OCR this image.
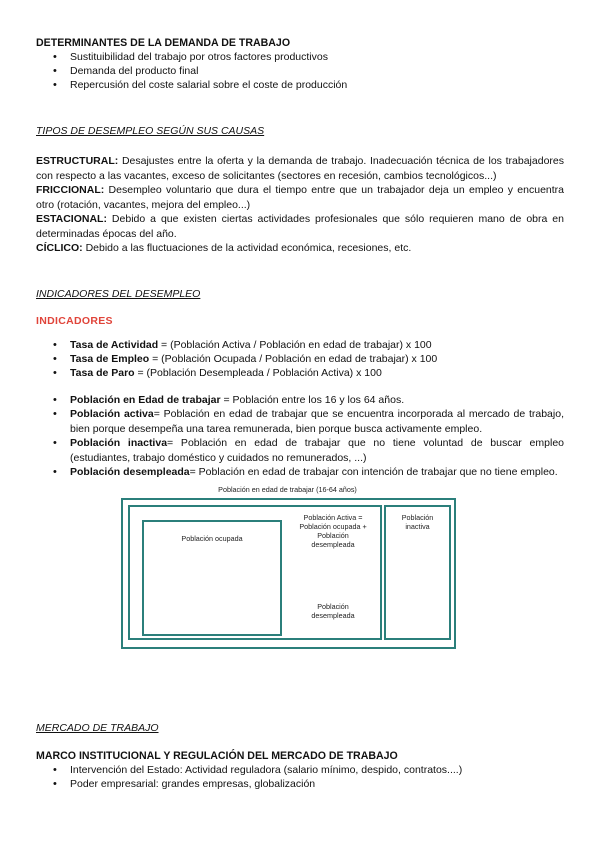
DETERMINANTES DE LA DEMANDA DE TRABAJO
• Sustituibilidad del trabajo por otros factores productivos
• Demanda del producto final
• Repercusión del coste salarial sobre el coste de producción

TIPOS DE DESEMPLEO SEGÚN SUS CAUSAS

ESTRUCTURAL: Desajustes entre la oferta y la demanda de trabajo. Inadecuación técnica de los trabajadores con respecto a las vacantes, exceso de solicitantes (sectores en recesión, cambios tecnológicos...)

FRICCIONAL: Desempleo voluntario que dura el tiempo entre que un trabajador deja un empleo y encuentra otro (rotación, vacantes, mejora del empleo...)

ESTACIONAL: Debido a que existen ciertas actividades profesionales que sólo requieren mano de obra en determinadas épocas del año.

CÍCLICO: Debido a las fluctuaciones de la actividad económica, recesiones, etc.

INDICADORES DEL DESEMPLEO

INDICADORES

• Tasa de Actividad = (Población Activa / Población en edad de trabajar) x 100
• Tasa de Empleo = (Población Ocupada / Población en edad de trabajar) x 100
• Tasa de Paro = (Población Desempleada / Población Activa) x 100
• Población en Edad de trabajar = Población entre los 16 y los 64 años.
• Población activa= Población en edad de trabajar que se encuentra incorporada al mercado de trabajo, bien porque desempeña una tarea remunerada, bien porque busca activamente empleo.
• Población inactiva= Población en edad de trabajar que no tiene voluntad de buscar empleo (estudiantes, trabajo doméstico y cuidados no remunerados, ...)
• Población desempleada= Población en edad de trabajar con intención de trabajar que no tiene empleo.
Población en edad de trabajar (16-64 años)
Población ocupada
Población Activa = Población ocupada + Población desempleada
Población desempleada
Población inactiva

MERCADO DE TRABAJO

MARCO INSTITUCIONAL Y REGULACIÓN DEL MERCADO DE TRABAJO
• Intervención del Estado: Actividad reguladora (salario mínimo, despido, contratos....)
• Poder empresarial: grandes empresas, globalización
